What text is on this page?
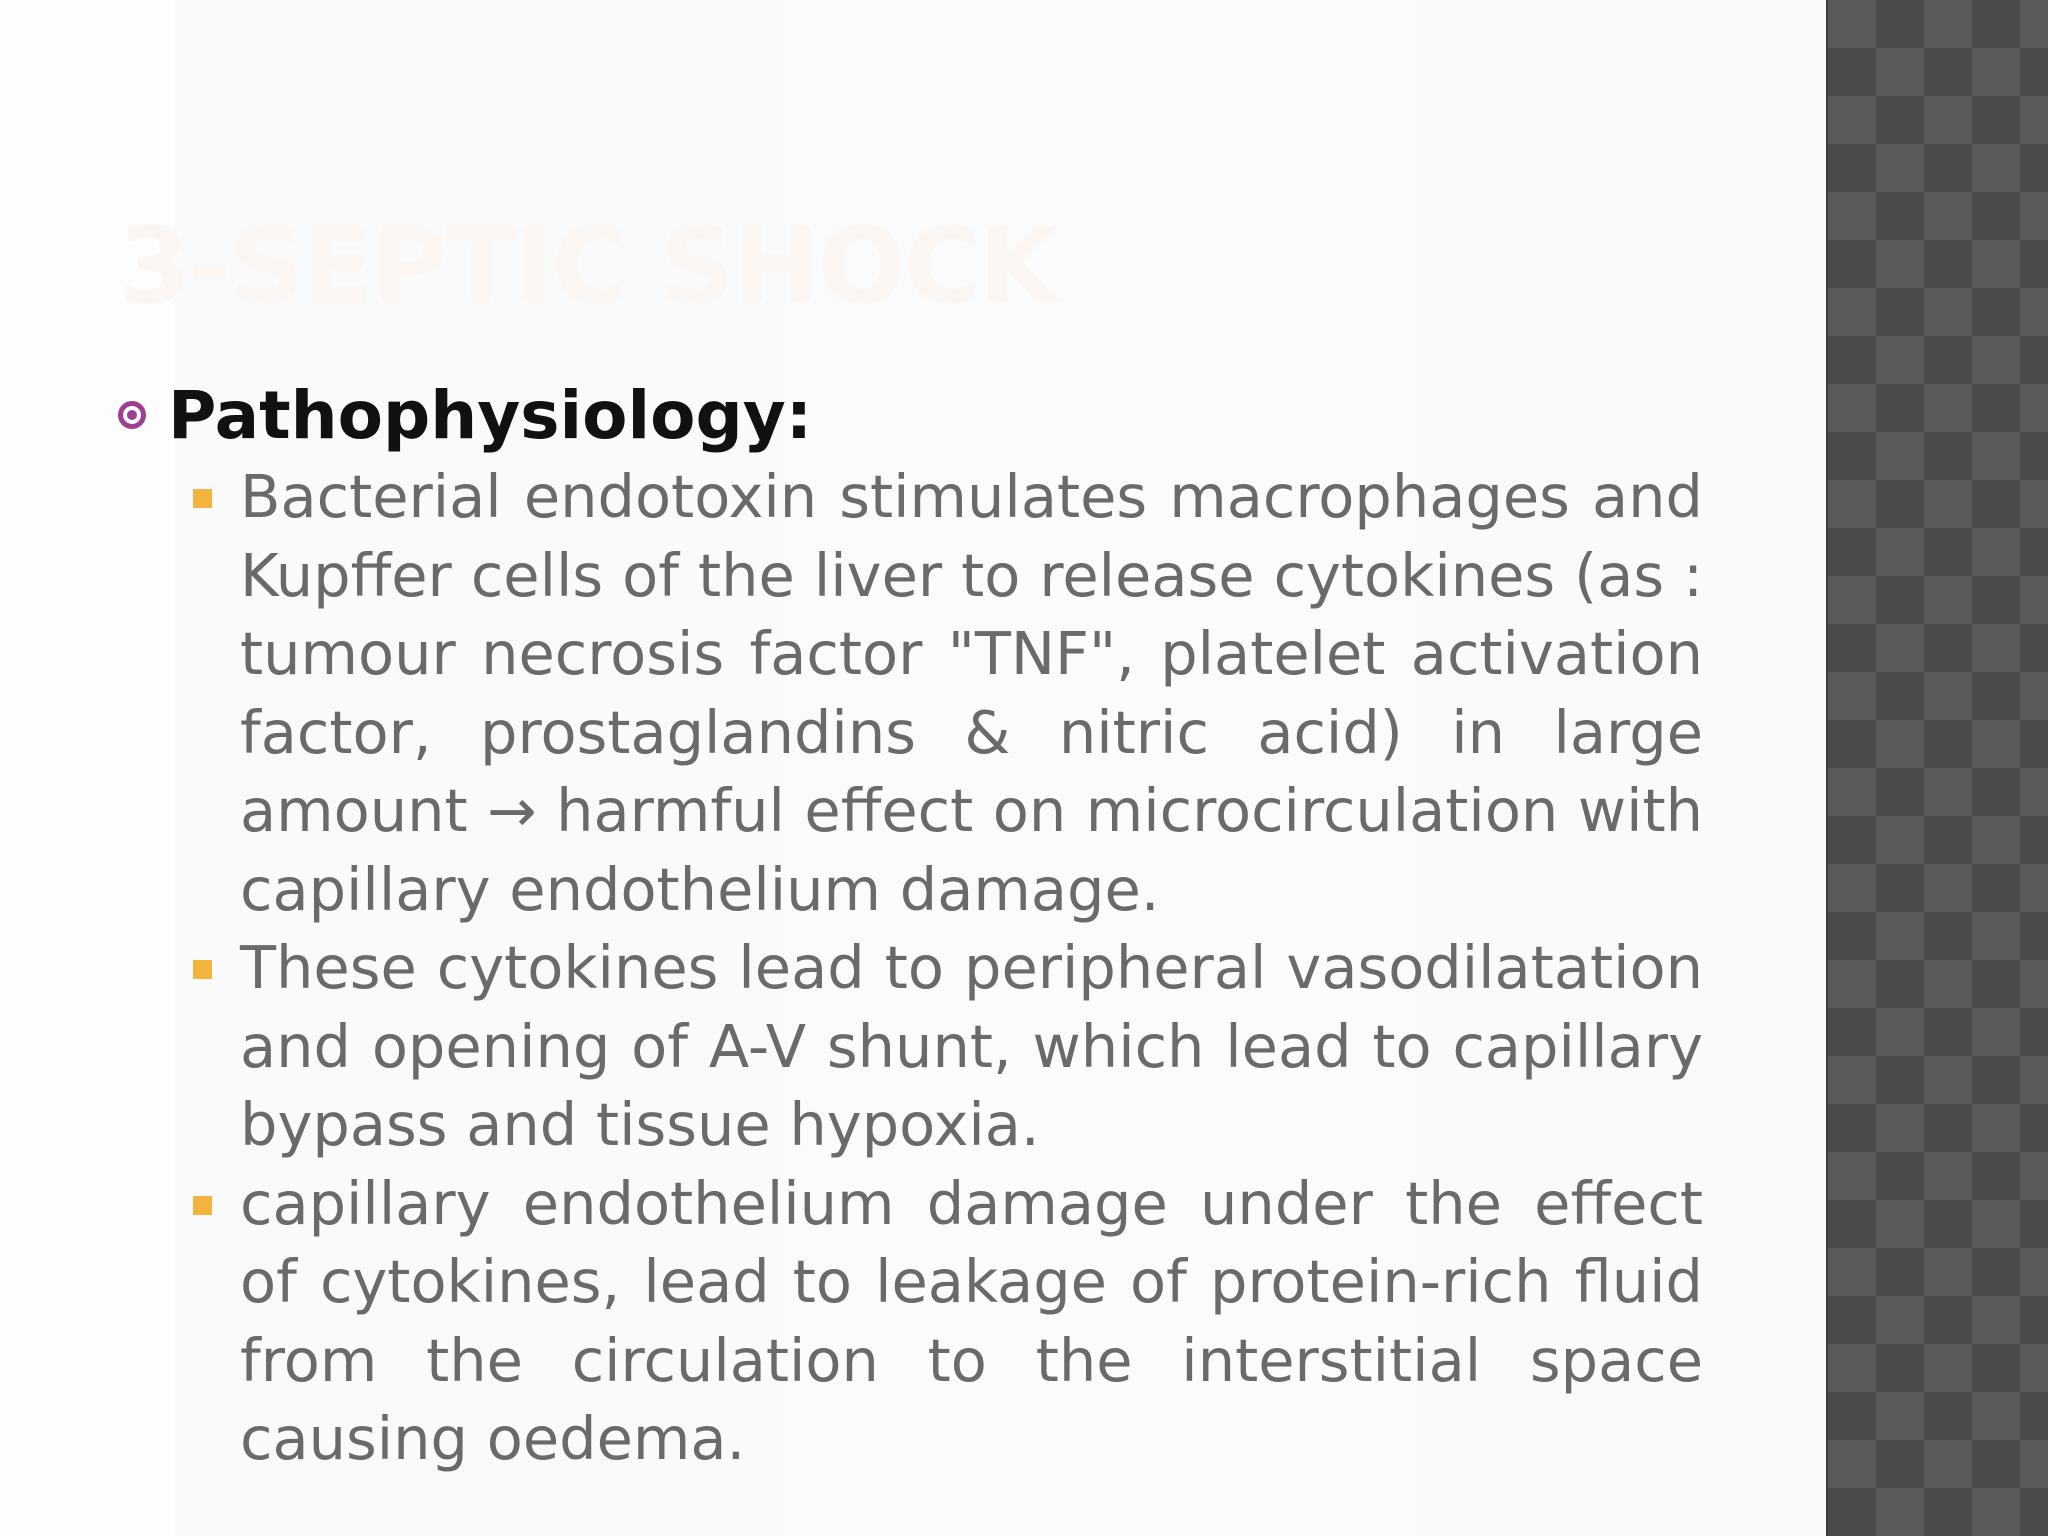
3-SEPTIC SHOCK
Pathophysiology:
Bacterial endotoxin stimulates macrophages and Kupffer cells of the liver to release cytokines (as : tumour necrosis factor "TNF", platelet activation factor, prostaglandins & nitric acid) in large amount → harmful effect on microcirculation with capillary endothelium damage.
These cytokines lead to peripheral vasodilatation and opening of A-V shunt, which lead to capillary bypass and tissue hypoxia.
capillary endothelium damage under the effect of cytokines, lead to leakage of protein-rich fluid from the circulation to the interstitial space causing oedema.
